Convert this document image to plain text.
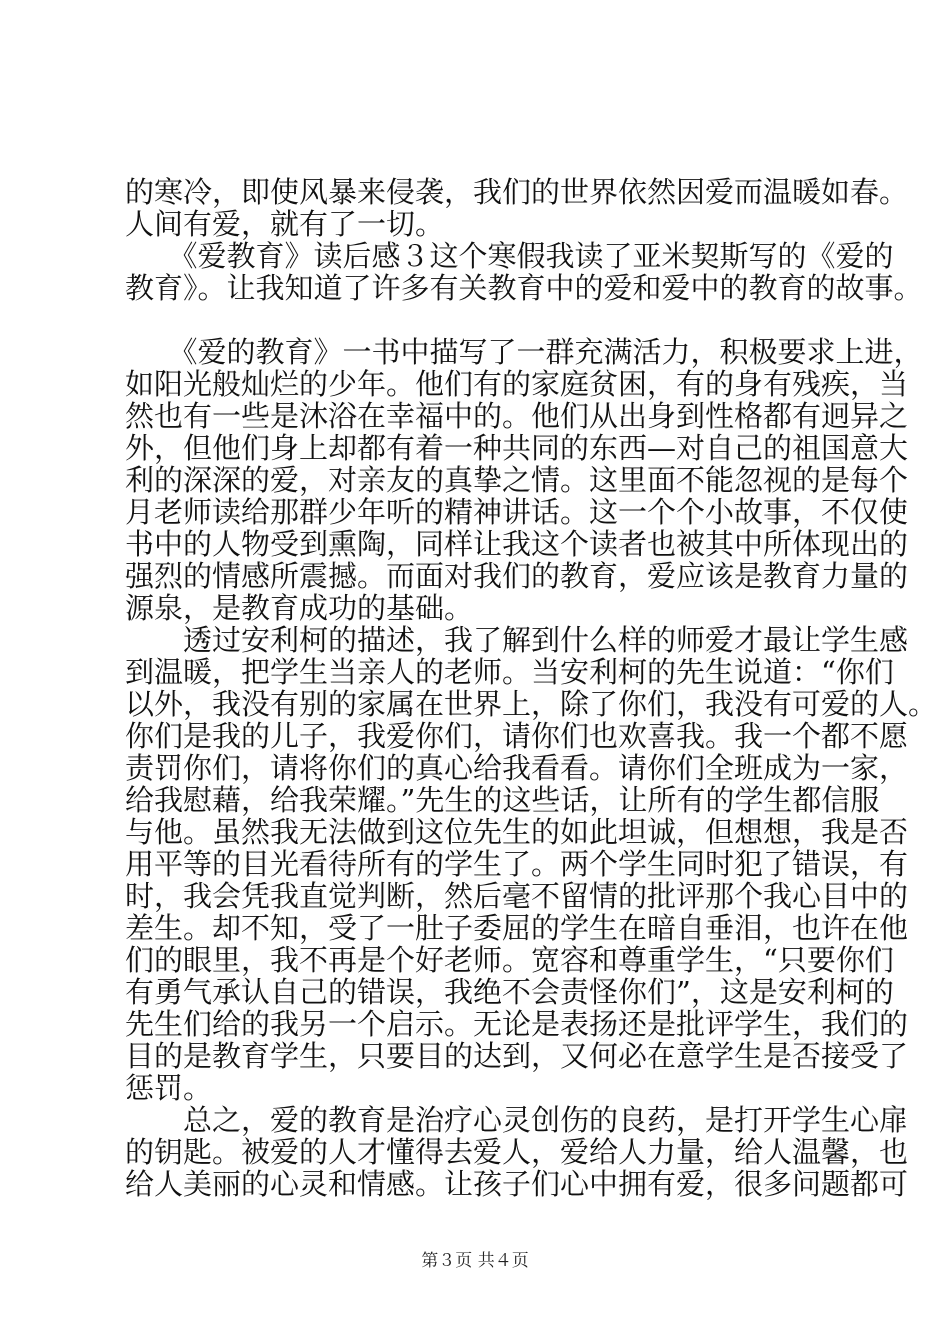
的寒冷，即使风暴来侵袭，我们的世界依然因爱而温暖如春。
人间有爱，就有了一切。
　　《爱教育》读后感３这个寒假我读了亚米契斯写的《爱的
教育》。让我知道了许多有关教育中的爱和爱中的教育的故事。
　　《爱的教育》一书中描写了一群充满活力，积极要求上进，
如阳光般灿烂的少年。他们有的家庭贫困，有的身有残疾，当
然也有一些是沐浴在幸福中的。他们从出身到性格都有迥异之
外，但他们身上却都有着一种共同的东西—对自己的祖国意大
利的深深的爱，对亲友的真挚之情。这里面不能忽视的是每个
月老师读给那群少年听的精神讲话。这一个个小故事，不仅使
书中的人物受到熏陶，同样让我这个读者也被其中所体现出的
强烈的情感所震撼。而面对我们的教育，爱应该是教育力量的
源泉，是教育成功的基础。
　　透过安利柯的描述，我了解到什么样的师爱才最让学生感
到温暖，把学生当亲人的老师。当安利柯的先生说道：“你们
以外，我没有别的家属在世界上，除了你们，我没有可爱的人。
你们是我的儿子，我爱你们，请你们也欢喜我。我一个都不愿
责罚你们，请将你们的真心给我看看。请你们全班成为一家，
给我慰藉，给我荣耀。”先生的这些话，让所有的学生都信服
与他。虽然我无法做到这位先生的如此坦诚，但想想，我是否
用平等的目光看待所有的学生了。两个学生同时犯了错误，有
时，我会凭我直觉判断，然后毫不留情的批评那个我心目中的
差生。却不知，受了一肚子委屈的学生在暗自垂泪，也许在他
们的眼里，我不再是个好老师。宽容和尊重学生，“只要你们
有勇气承认自己的错误，我绝不会责怪你们”，这是安利柯的
先生们给的我另一个启示。无论是表扬还是批评学生，我们的
目的是教育学生，只要目的达到，又何必在意学生是否接受了
惩罚。
　　总之，爱的教育是治疗心灵创伤的良药，是打开学生心扉
的钥匙。被爱的人才懂得去爱人，爱给人力量，给人温馨，也
给人美丽的心灵和情感。让孩子们心中拥有爱，很多问题都可
第３页 共４页
